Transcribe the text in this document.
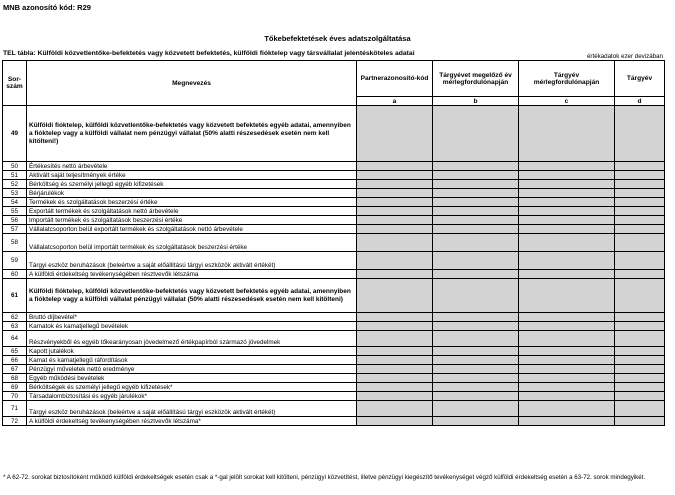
MNB azonosító kód: R29
Tőkebefektetések éves adatszolgáltatása
TEL tábla: Külföldi közvetlentőke-befektetés vagy közvetett befektetés, külföldi fióktelep vagy társvállalat jelentésköteles adatai	értékadatok ezer devizában
Sor-szám	Megnevezés	Partnerazonosító-kód	Tárgyévet megelőző év mérlegfordulónapján	Tárgyév mérlegfordulónapján	Tárgyév
		a	b	c	d
49	Külföldi fióktelep, külföldi közvetlentőke-befektetés vagy közvetett befektetés egyéb adatai, amennyiben a fióktelep vagy a külföldi vállalat nem pénzügyi vállalat (50% alatti részesedések esetén nem kell kitölteni!)				
50	Értékesítés nettó árbevétele				
51	Aktivált saját teljesítmények értéke				
52	Bérköltség és személyi jellegű egyéb kifizetések				
53	Bérjárulékok				
54	Termékek és szolgáltatások beszerzési értéke				
55	Exportált termékek és szolgáltatások nettó árbevétele				
56	Importált termékek és szolgáltatások beszerzési értéke				
57	Vállalatcsoporton belül exportált termékek és szolgáltatások nettó árbevétele				
58	Vállalatcsoporton belül importált termékek és szolgáltatások beszerzési értéke				
59	Tárgyi eszköz beruházások (beleértve a saját előállítású tárgyi eszközök aktivált értékét)				
60	A külföldi érdekeltség tevékenységében résztvevők létszáma				
61	Külföldi fióktelep, külföldi közvetlentőke-befektetés vagy közvetett befektetés egyéb adatai, amennyiben a fióktelep vagy a külföldi vállalat pénzügyi vállalat (50% alatti részesedések esetén nem kell kitölteni)				
62	Bruttó díjbevétel*				
63	Kamatok és kamatjellegű bevételek				
64	Részvényekből és egyéb tőkearányosan jövedelmező értékpapírból származó jövedelmek				
65	Kapott jutalékok				
66	Kamat és kamatjellegű ráfordítások				
67	Pénzügyi műveletek nettó eredménye				
68	Egyéb működési bevételek				
69	Bérköltségek és személyi jellegű egyéb kifizetések*				
70	Társadalombiztosítási és egyéb járulékok*				
71	Tárgyi eszköz beruházások (beleértve a saját előállítású tárgyi eszközök aktivált értékét)				
72	A külföldi érdekeltség tevékenységében résztvevők létszáma*				
* A 62-72. sorokat biztosítóként működő külföldi érdekeltségek esetén csak a *-gal jelölt sorokat kell kitölteni, pénzügyi közvetítést, illetve pénzügyi kiegészítő tevékenységet végző külföldi érdekeltség esetén a 63-72. sorok mindegyikét.
